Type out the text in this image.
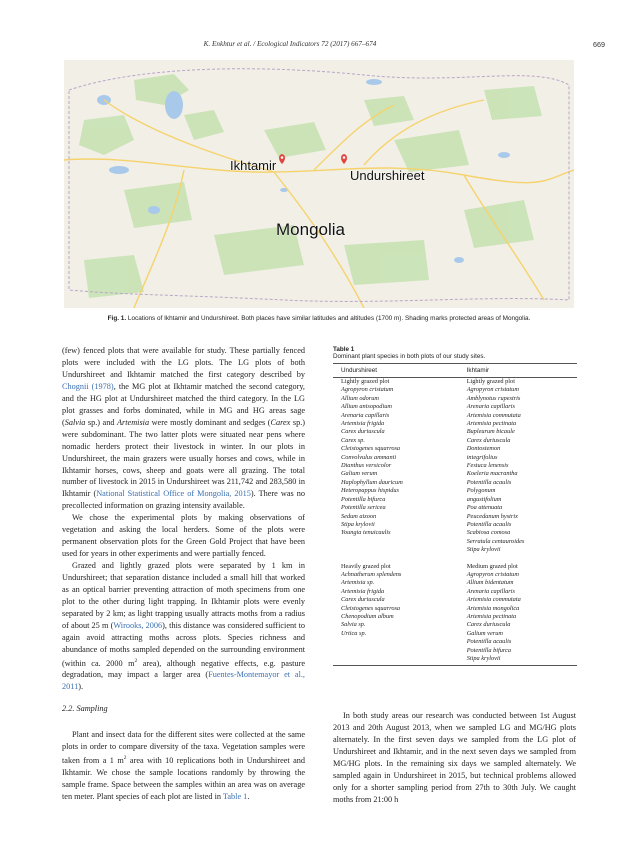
K. Enkhtur et al. / Ecological Indicators 72 (2017) 667–674	669
Ikhtamir
Undurshireet
Mongolia
Fig. 1. Locations of Ikhtamir and Undurshireet. Both places have similar latitudes and altitudes (1700 m). Shading marks protected areas of Mongolia.

(few) fenced plots that were available for study. These partially fenced plots were included with the LG plots. The LG plots of both Undurshireet and Ikhtamir matched the first category described by Chognii (1978), the MG plot at Ikhtamir matched the second category, and the HG plot at Undurshireet matched the third category. In the LG plot grasses and forbs dominated, while in MG and HG areas sage (Salvia sp.) and Artemisia were mostly dominant and sedges (Carex sp.) were subdominant. The two latter plots were situated near pens where nomadic herders protect their livestock in winter. In our plots in Undurshireet, the main grazers were usually horses and cows, while in Ikhtamir horses, cows, sheep and goats were all grazing. The total number of livestock in 2015 in Undurshireet was 211,742 and 283,580 in Ikhtamir (National Statistical Office of Mongolia, 2015). There was no precollected information on grazing intensity available.

We chose the experimental plots by making observations of vegetation and asking the local herders. Some of the plots were permanent observation plots for the Green Gold Project that have been used for years in other experiments and were partially fenced.

Grazed and lightly grazed plots were separated by 1 km in Undurshireet; that separation distance included a small hill that worked as an optical barrier preventing attraction of moth specimens from one plot to the other during light trapping. In Ikhtamir plots were evenly separated by 2 km; as light trapping usually attracts moths from a radius of about 25 m (Wirooks, 2006), this distance was considered sufficient to again avoid attracting moths across plots. Species richness and abundance of moths sampled depended on the surrounding environment (within ca. 2000 $m^2$ area), although negative effects, e.g. pasture degradation, may impact a larger area (Fuentes-Montemayor et al., 2011).

2.2. Sampling

Plant and insect data for the different sites were collected at the same plots in order to compare diversity of the taxa. Vegetation samples were taken from a 1 $m^2$ area with 10 replications both in Undurshireet and Ikhtamir. We chose the sample locations randomly by throwing the sample frame. Space between the samples within an area was on average ten meter. Plant species of each plot are listed in Table 1.

Table 1
Dominant plant species in both plots of our study sites.
Undurshireet	Ikhtamir
Lightly grazed plot	Lightly grazed plot
Agropyron cristatum	Agropyron cristatum
Allium odorum	Amblynotus rupestris
Allium anisopodium	Arenaria capillaris
Arenaria capillaris	Artemisia commutata
Artemisia frigida	Artemisia pectinata
Carex duriuscula	Bupleurum bicaule
Carex sp.	Carex duriuscula
Cleistogenes squarrosa	Dontostemon
Convolvulus ammanii	integrifolius
Dianthus versicolor	Festuca lenensis
Galium verum	Koeleria macrantha
Haplophyllum dauricum	Potentilla acaulis
Heteropappus hispidus	Polygonum
Potentilla bifurca	angustifolium
Potentilla sericea	Poa attenuata
Sedum aizoon	Peucedanum hystrix
Stipa krylovii	Potentilla acaulis
Youngia tenuicaulis	Scabiosa comosa
	Serratula centauroides
	Stipa krylovii

Heavily grazed plot	Medium grazed plot
Achnatherum splendens	Agropyron cristatum
Artemisia sp.	Allium bidentatum
Artemisia frigida	Arenaria capillaris
Carex duriuscula	Artemisia commutata
Cleistogenes squarrosa	Artemisia mongolica
Chenopodium album	Artemisia pectinata
Salvia sp.	Carex duriuscula
Urtica sp.	Galium verum
	Potentilla acaulis
	Potentilla bifurca
	Stipa krylovii

In both study areas our research was conducted between 1st August 2013 and 20th August 2013, when we sampled LG and MG/HG plots alternately. In the first seven days we sampled from the LG plot of Undurshireet and Ikhtamir, and in the next seven days we sampled from MG/HG plots. In the remaining six days we sampled alternately. We sampled again in Undurshireet in 2015, but technical problems allowed only for a shorter sampling period from 27th to 30th July. We caught moths from 21:00 h
